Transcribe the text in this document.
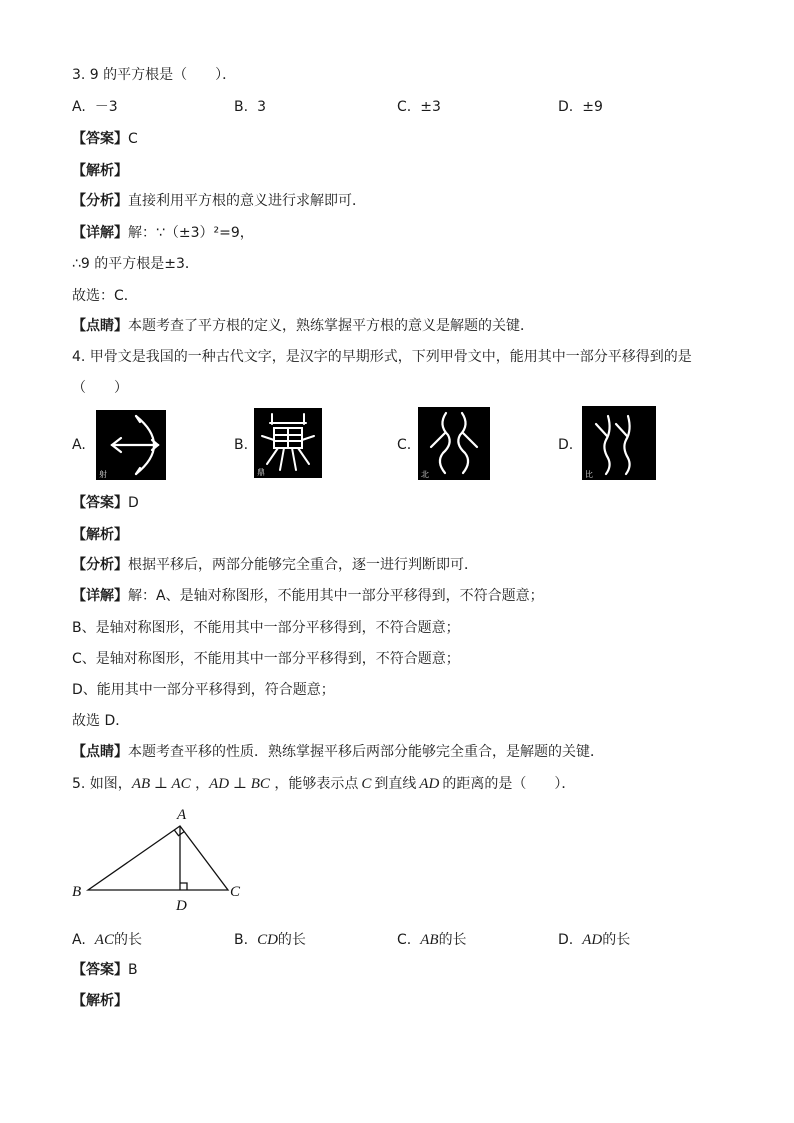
3. 9 的平方根是（　　）．
A. －3	B. 3	C. ±3	D. ±9
【答案】C
【解析】
【分析】直接利用平方根的意义进行求解即可．
【详解】解：∵（±3）²=9，
∴9 的平方根是±3．
故选：C．
【点睛】本题考查了平方根的定义，熟练掌握平方根的意义是解题的关键．
4. 甲骨文是我国的一种古代文字，是汉字的早期形式，下列甲骨文中，能用其中一部分平移得到的是
（　　）
A.
射
B.
鼎
C.
北
D.
比
【答案】D
【解析】
【分析】根据平移后，两部分能够完全重合，逐一进行判断即可．
【详解】解：A、是轴对称图形，不能用其中一部分平移得到，不符合题意；
B、是轴对称图形，不能用其中一部分平移得到，不符合题意；
C、是轴对称图形，不能用其中一部分平移得到，不符合题意；
D、能用其中一部分平移得到，符合题意；
故选 D．
【点睛】本题考查平移的性质．熟练掌握平移后两部分能够完全重合，是解题的关键．
5. 如图，AB ⊥ AC ，AD ⊥ BC ，能够表示点 C 到直线 AD 的距离的是（　　）．
A
B	C
D
A. AC的长	B. CD的长	C. AB的长	D. AD的长
【答案】B
【解析】
